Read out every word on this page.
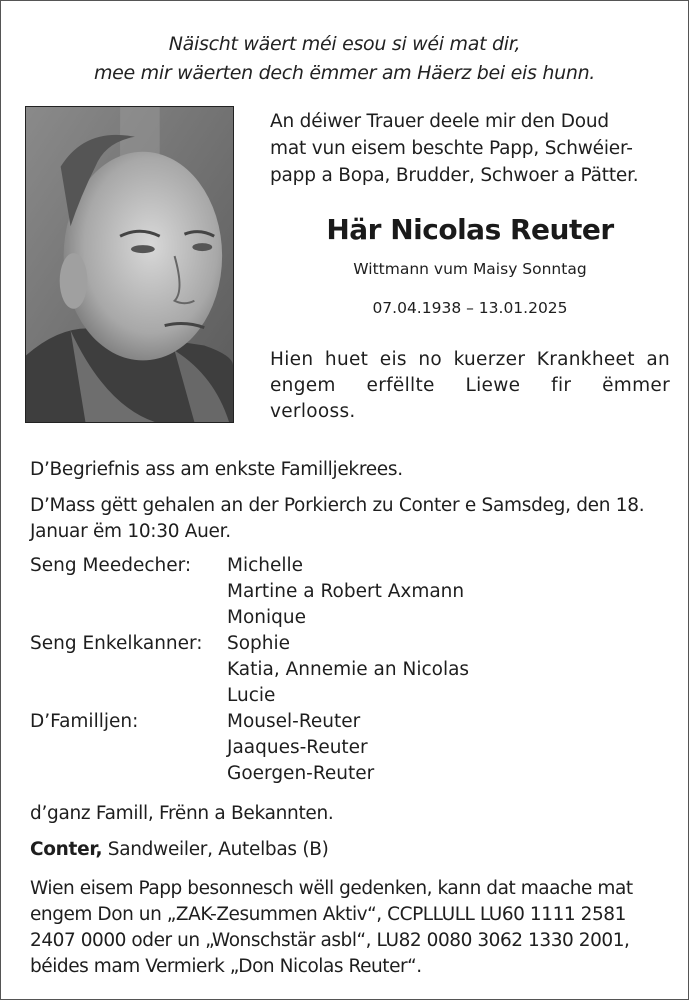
Näischt wäert méi esou si wéi mat dir,
mee mir wäerten dech ëmmer am Häerz bei eis hunn.
An déiwer Trauer deele mir den Doud
mat vun eisem beschte Papp, Schwéier-
papp a Bopa, Brudder, Schwoer a Pätter.
Här Nicolas Reuter
Wittmann vum Maisy Sonntag
07.04.1938 – 13.01.2025
Hien huet eis no kuerzer Krankheet an engem erfëllte Liewe fir ëmmer verlooss.
D’Begriefnis ass am enkste Familljekrees.
D’Mass gëtt gehalen an der Porkierch zu Conter e Samsdeg, den 18. Januar ëm 10:30 Auer.
Seng Meedecher:	Michelle
Martine a Robert Axmann
Monique
Seng Enkelkanner:	Sophie
Katia, Annemie an Nicolas
Lucie
D’Familljen:	Mousel-Reuter
Jaaques-Reuter
Goergen-Reuter
d’ganz Famill, Frënn a Bekannten.
Conter, Sandweiler, Autelbas (B)
Wien eisem Papp besonnesch wëll gedenken, kann dat maache mat engem Don un „ZAK-Zesummen Aktiv“, CCPLLULL LU60 1111 2581 2407 0000 oder un „Wonschstär asbl“, LU82 0080 3062 1330 2001, béides mam Vermierk „Don Nicolas Reuter“.
